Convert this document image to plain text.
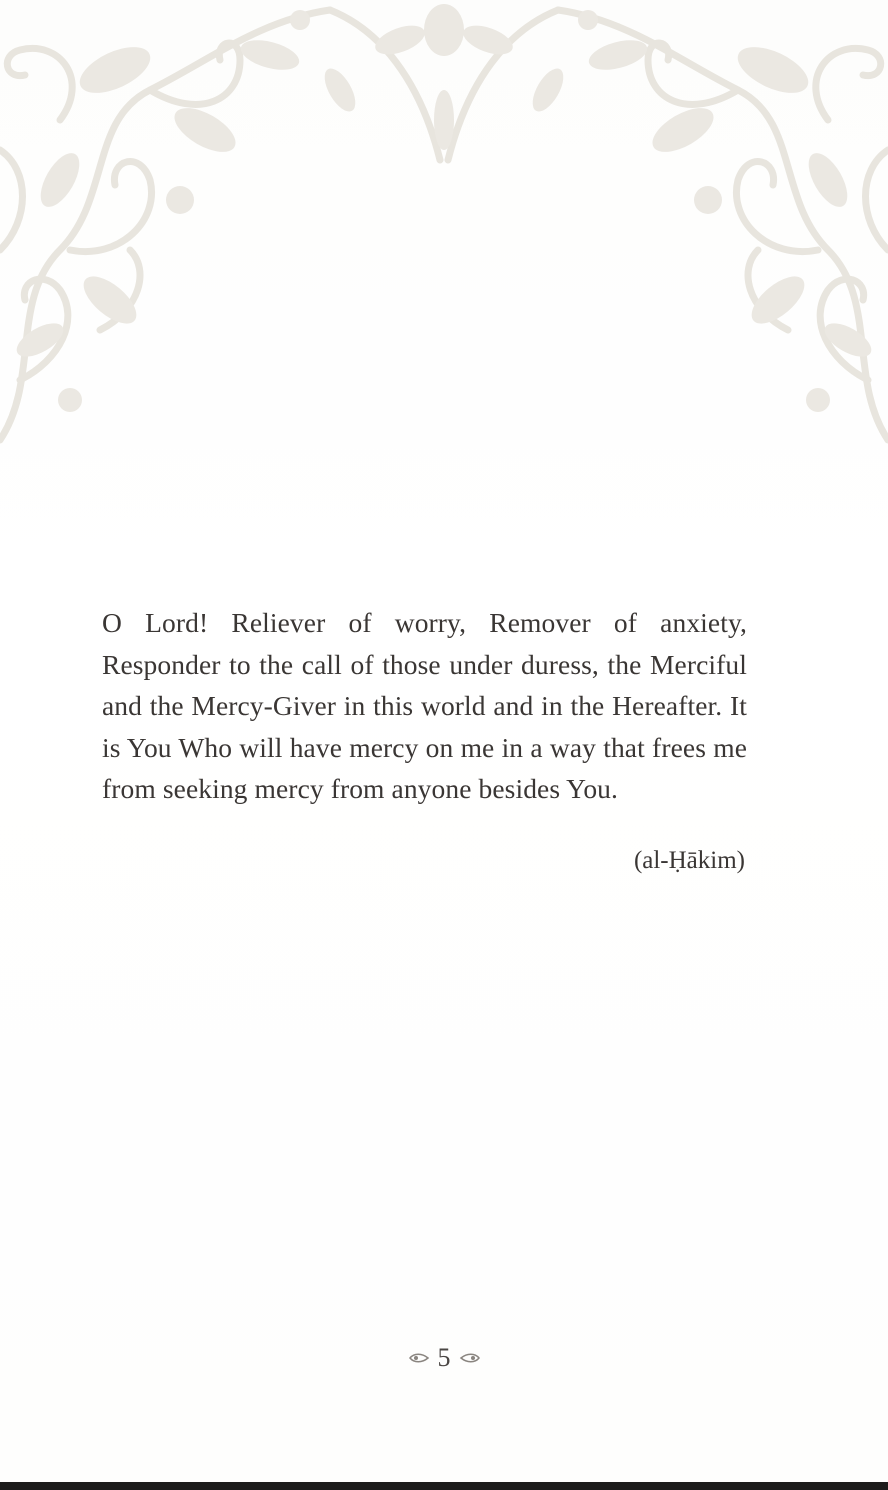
O Lord! Reliever of worry, Remover of anxiety, Responder to the call of those under duress, the Merciful and the Mercy-Giver in this world and in the Hereafter. It is You Who will have mercy on me in a way that frees me from seeking mercy from anyone besides You.
(al-Ḥākim)
5
